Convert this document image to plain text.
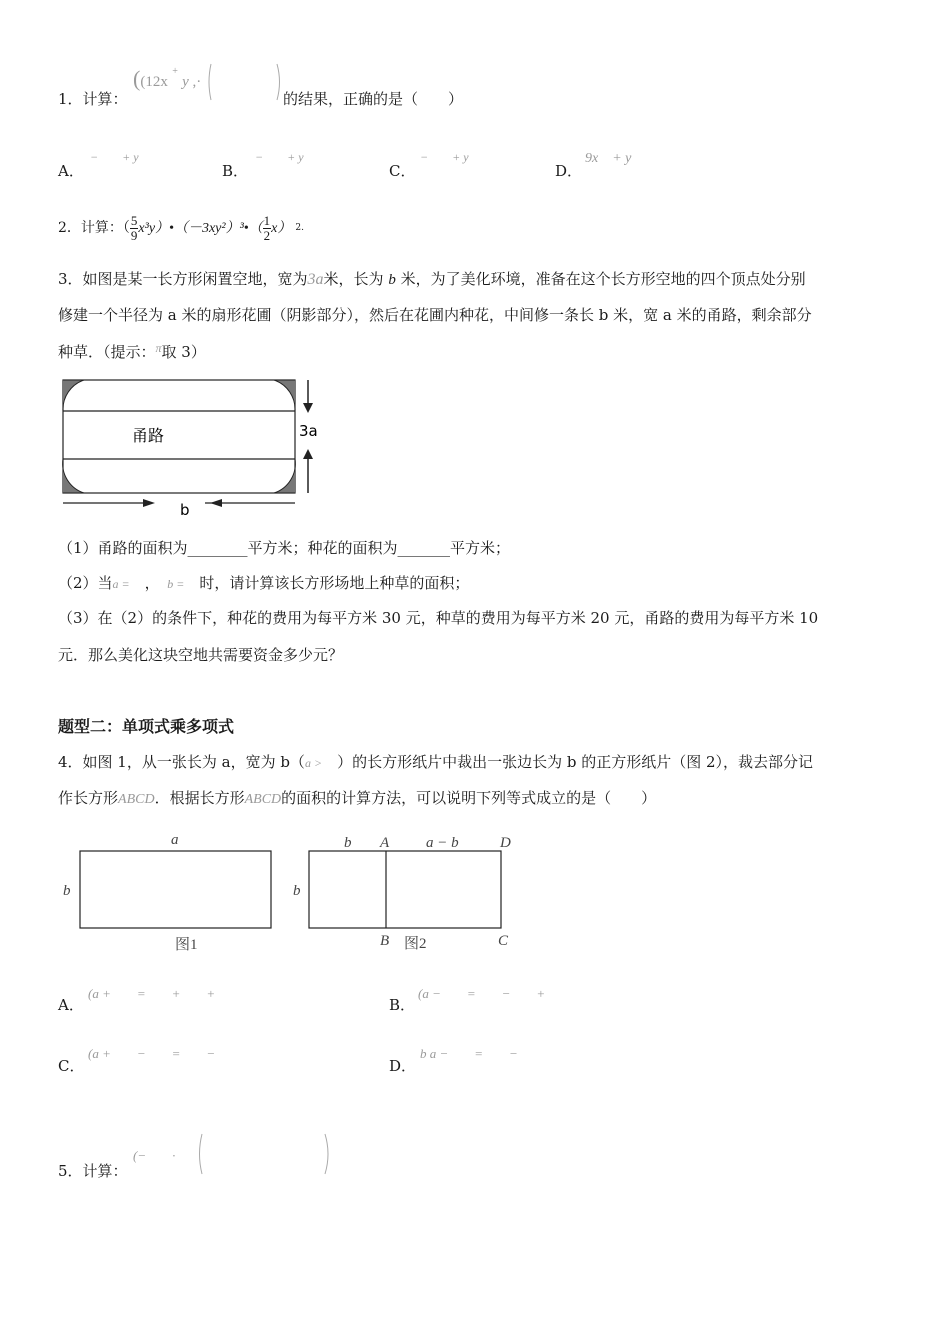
1．计算：
((12x + y ,·
的结果，正确的是（　　）
A．
−　　+ y
B．
−　　+ y
C．
−　　+ y
D．
9x　+ y
2．计算：（ $\frac{5}{9}$ x³y）•（－3xy²）³•（ $\frac{1}{2} x$） $^{2.}$
3．如图是某一长方形闲置空地，宽为3a米，长为 b 米，为了美化环境，准备在这个长方形空地的四个顶点处分别
修建一个半径为 a 米的扇形花圃（阴影部分），然后在花圃内种花，中间修一条长 b 米，宽 a 米的甬路，剩余部分
种草．（提示：$^\pi$取 3）
甬路	3a
b
（1）甬路的面积为________平方米；种花的面积为_______平方米；
（2）当a =　 ，　 b =　 时，请计算该长方形场地上种草的面积；
（3）在（2）的条件下，种花的费用为每平方米 30 元，种草的费用为每平方米 20 元，甬路的费用为每平方米 10
元．那么美化这块空地共需要资金多少元？
题型二：单项式乘多项式
4．如图 1，从一张长为 a，宽为 b（a >　 ）的长方形纸片中裁出一张边长为 b 的正方形纸片（图 2），裁去部分记
作长方形ABCD．根据长方形ABCD的面积的计算方法，可以说明下列等式成立的是（　　）
a
b
图1
b A a − b	D
b
B 图2	C
A．
(a +　　=　　+　　+
B．
(a −　　=　　−　　+
C．
(a +　　−　　=　　−
D．
b a −　　=　　−
5．计算：
(−　　·
